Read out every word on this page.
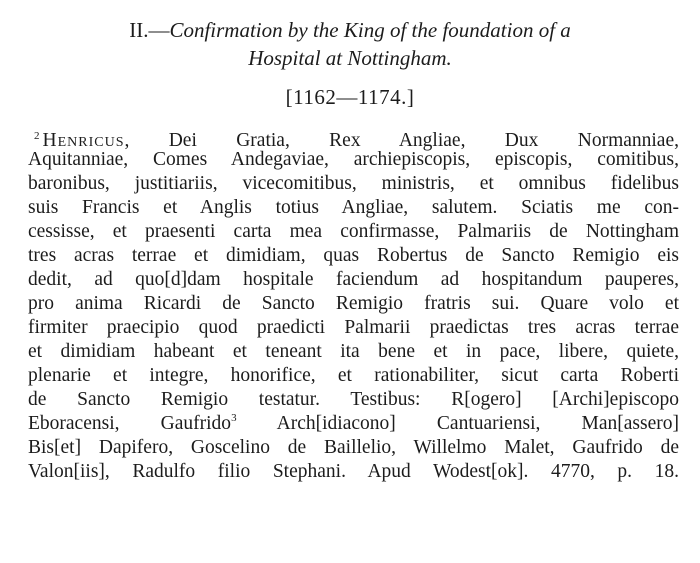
II.—Confirmation by the King of the foundation of a
Hospital at Nottingham.
[1162—1174.]
$^2$ Henricus, Dei Gratia, Rex Angliae, Dux Normanniae,
Aquitanniae, Comes Andegaviae, archiepiscopis, episcopis, comitibus,
baronibus, justitiariis, vicecomitibus, ministris, et omnibus fidelibus
suis Francis et Anglis totius Angliae, salutem. Sciatis me con-
cessisse, et praesenti carta mea confirmasse, Palmariis de Nottingham
tres acras terrae et dimidiam, quas Robertus de Sancto Remigio eis
dedit, ad quo[d]dam hospitale faciendum ad hospitandum pauperes,
pro anima Ricardi de Sancto Remigio fratris sui. Quare volo et
firmiter praecipio quod praedicti Palmarii praedictas tres acras terrae
et dimidiam habeant et teneant ita bene et in pace, libere, quiete,
plenarie et integre, honorifice, et rationabiliter, sicut carta Roberti
de Sancto Remigio testatur. Testibus: R[ogero] [Archi]episcopo
Eboracensi, Gaufrido$^3$ Arch[idiacono] Cantuariensi, Man[assero]
Bis[et] Dapifero, Goscelino de Baillelio, Willelmo Malet, Gaufrido de
Valon[iis], Radulfo filio Stephani. Apud Wodest[ok]. 4770, p. 18.
